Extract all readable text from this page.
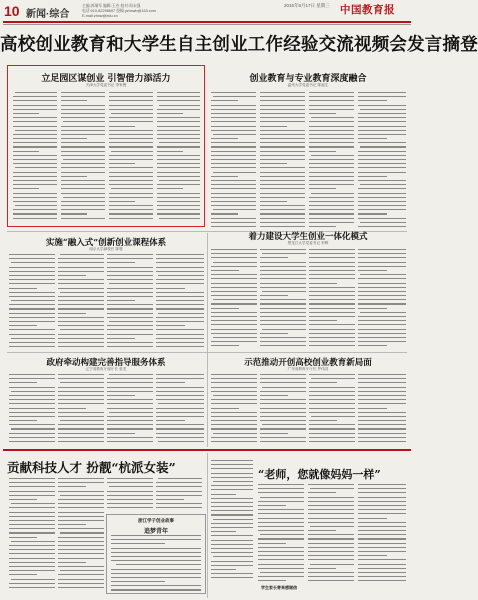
10 新闻·综合
主编:郭瑞军 编辑:王杰 校对:周永强
电话:010-82296697 投稿:yzhxwb@163.com
E-mail:zhxw@edu.cn
2015年6月17日 星期三 中国教育报
高校创业教育和大学生自主创业工作经验交流视频会发言摘登
立足园区谋创业 引智借力添活力
天津大学党委书记 李家俊
创业教育与专业教育深度融合
温州大学党委书记 陈福生
实施“融入式”创新创业课程体系
南京大学副校长 陈骏
着力建设大学生创业一体化模式
黑龙江大学党委书记 李辉
政府牵动构建完善指导服务体系
辽宁省教育厅副厅长 张龙
示范推动开创高校创业教育新局面
广东省教育厅厅长 罗伟其
贡献科技人才 扮靓“杭派女装”
浙江学子创业故事
追梦青年
“老师，您就像妈妈一样”
学生家长寄来感谢信
